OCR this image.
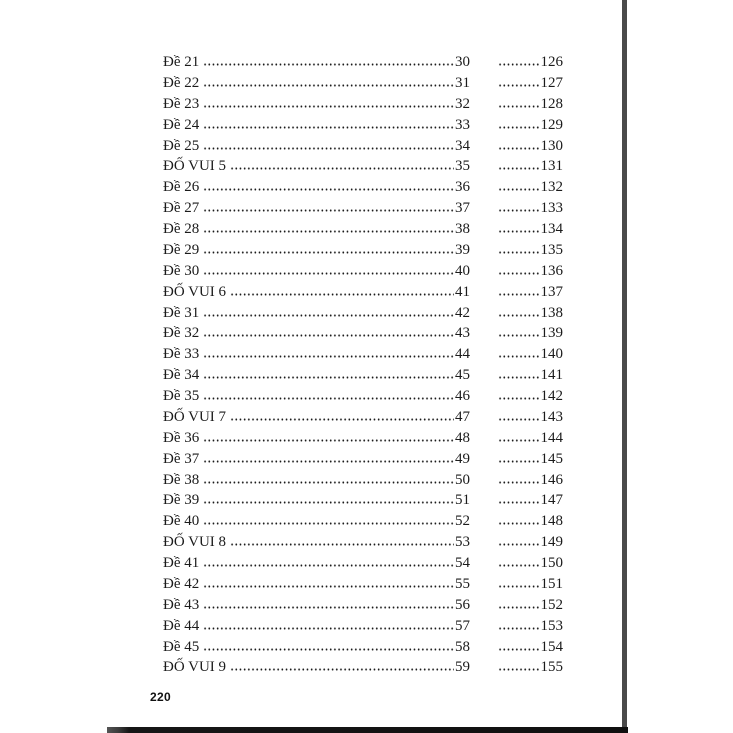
Đề 21	30	126
Đề 22	31	127
Đề 23	32	128
Đề 24	33	129
Đề 25	34	130
ĐỐ VUI 5	35	131
Đề 26	36	132
Đề 27	37	133
Đề 28	38	134
Đề 29	39	135
Đề 30	40	136
ĐỐ VUI 6	41	137
Đề 31	42	138
Đề 32	43	139
Đề 33	44	140
Đề 34	45	141
Đề 35	46	142
ĐỐ VUI 7	47	143
Đề 36	48	144
Đề 37	49	145
Đề 38	50	146
Đề 39	51	147
Đề 40	52	148
ĐỐ VUI 8	53	149
Đề 41	54	150
Đề 42	55	151
Đề 43	56	152
Đề 44	57	153
Đề 45	58	154
ĐỐ VUI 9	59	155
220
